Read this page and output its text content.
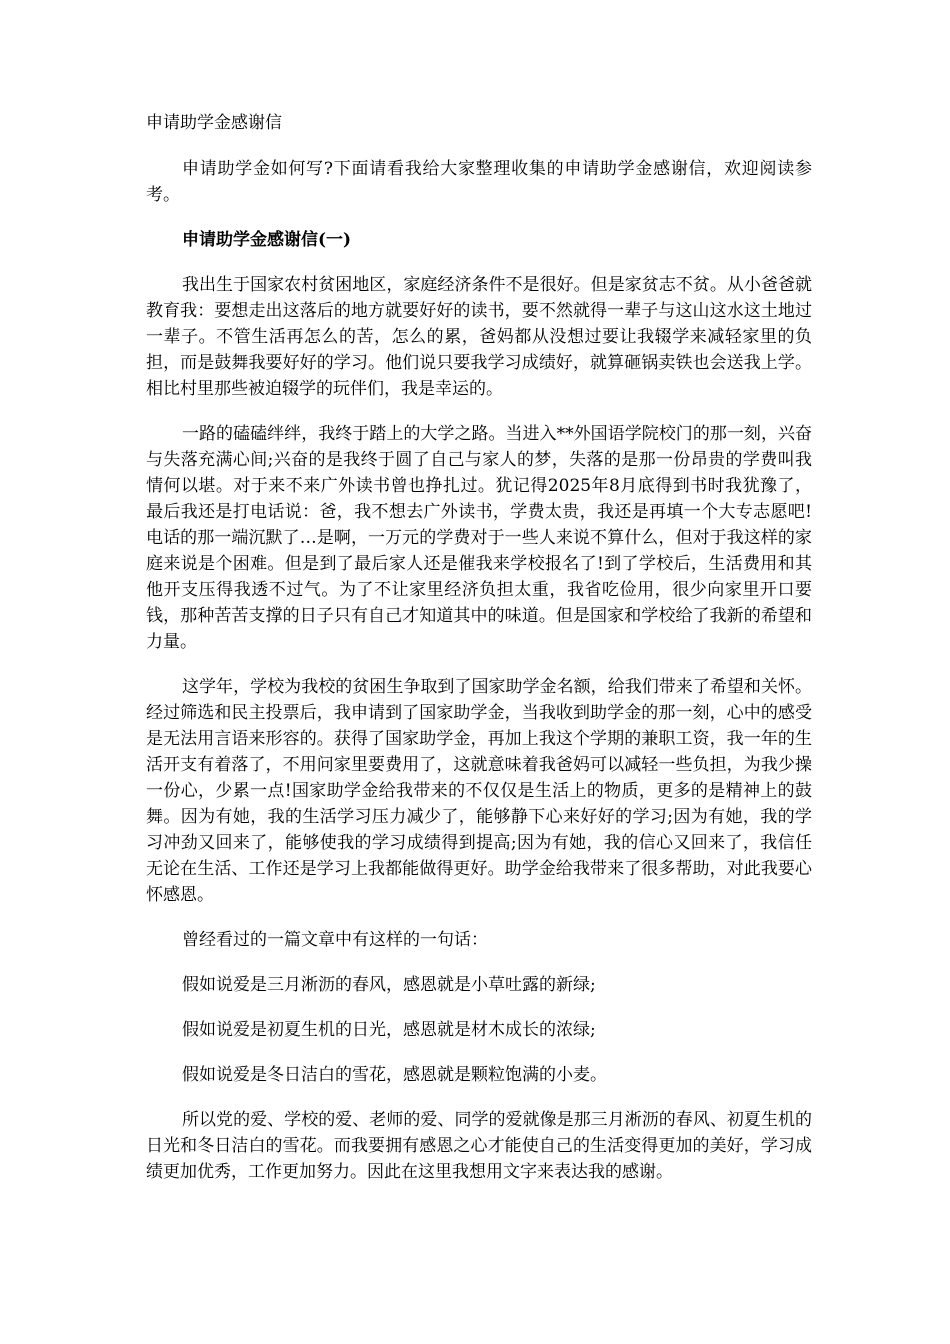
申请助学金感谢信

申请助学金如何写?下面请看我给大家整理收集的申请助学金感谢信，欢迎阅读参考。

申请助学金感谢信(一)

我出生于国家农村贫困地区，家庭经济条件不是很好。但是家贫志不贫。从小爸爸就教育我：要想走出这落后的地方就要好好的读书，要不然就得一辈子与这山这水这土地过一辈子。不管生活再怎么的苦，怎么的累，爸妈都从没想过要让我辍学来减轻家里的负担，而是鼓舞我要好好的学习。他们说只要我学习成绩好，就算砸锅卖铁也会送我上学。相比村里那些被迫辍学的玩伴们，我是幸运的。

一路的磕磕绊绊，我终于踏上的大学之路。当进入**外国语学院校门的那一刻，兴奋与失落充满心间;兴奋的是我终于圆了自己与家人的梦，失落的是那一份昂贵的学费叫我情何以堪。对于来不来广外读书曾也挣扎过。犹记得2025年8月底得到书时我犹豫了，最后我还是打电话说：爸，我不想去广外读书，学费太贵，我还是再填一个大专志愿吧!电话的那一端沉默了…是啊，一万元的学费对于一些人来说不算什么，但对于我这样的家庭来说是个困难。但是到了最后家人还是催我来学校报名了!到了学校后，生活费用和其他开支压得我透不过气。为了不让家里经济负担太重，我省吃俭用，很少向家里开口要钱，那种苦苦支撑的日子只有自己才知道其中的味道。但是国家和学校给了我新的希望和力量。

这学年，学校为我校的贫困生争取到了国家助学金名额，给我们带来了希望和关怀。经过筛选和民主投票后，我申请到了国家助学金，当我收到助学金的那一刻，心中的感受是无法用言语来形容的。获得了国家助学金，再加上我这个学期的兼职工资，我一年的生活开支有着落了，不用问家里要费用了，这就意味着我爸妈可以减轻一些负担，为我少操一份心，少累一点!国家助学金给我带来的不仅仅是生活上的物质，更多的是精神上的鼓舞。因为有她，我的生活学习压力减少了，能够静下心来好好的学习;因为有她，我的学习冲劲又回来了，能够使我的学习成绩得到提高;因为有她，我的信心又回来了，我信任无论在生活、工作还是学习上我都能做得更好。助学金给我带来了很多帮助，对此我要心怀感恩。

曾经看过的一篇文章中有这样的一句话：

假如说爱是三月淅沥的春风，感恩就是小草吐露的新绿;

假如说爱是初夏生机的日光，感恩就是材木成长的浓绿;

假如说爱是冬日洁白的雪花，感恩就是颗粒饱满的小麦。

所以党的爱、学校的爱、老师的爱、同学的爱就像是那三月淅沥的春风、初夏生机的日光和冬日洁白的雪花。而我要拥有感恩之心才能使自己的生活变得更加的美好，学习成绩更加优秀，工作更加努力。因此在这里我想用文字来表达我的感谢。
